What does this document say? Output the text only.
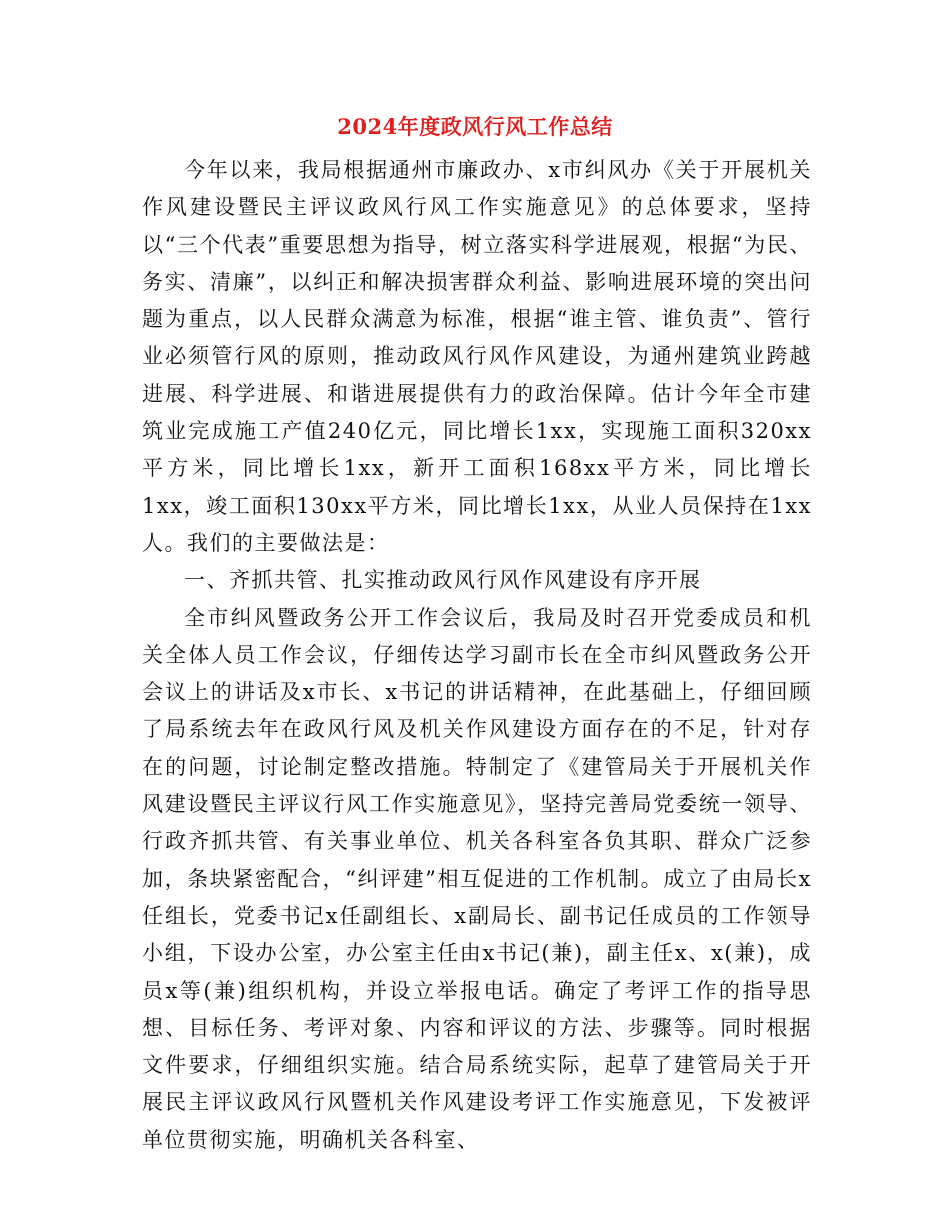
2024年度政风行风工作总结

今年以来，我局根据通州市廉政办、x市纠风办《关于开展机关作风建设暨民主评议政风行风工作实施意见》的总体要求，坚持以“三个代表”重要思想为指导，树立落实科学进展观，根据“为民、务实、清廉”，以纠正和解决损害群众利益、影响进展环境的突出问题为重点，以人民群众满意为标准，根据“谁主管、谁负责”、管行业必须管行风的原则，推动政风行风作风建设，为通州建筑业跨越进展、科学进展、和谐进展提供有力的政治保障。估计今年全市建筑业完成施工产值240亿元，同比增长1xx，实现施工面积320xx平方米，同比增长1xx，新开工面积168xx平方米，同比增长1xx，竣工面积130xx平方米，同比增长1xx，从业人员保持在1xx人。我们的主要做法是：

一、齐抓共管、扎实推动政风行风作风建设有序开展

全市纠风暨政务公开工作会议后，我局及时召开党委成员和机关全体人员工作会议，仔细传达学习副市长在全市纠风暨政务公开会议上的讲话及x市长、x书记的讲话精神，在此基础上，仔细回顾了局系统去年在政风行风及机关作风建设方面存在的不足，针对存在的问题，讨论制定整改措施。特制定了《建管局关于开展机关作风建设暨民主评议行风工作实施意见》，坚持完善局党委统一领导、行政齐抓共管、有关事业单位、机关各科室各负其职、群众广泛参加，条块紧密配合，“纠评建”相互促进的工作机制。成立了由局长x任组长，党委书记x任副组长、x副局长、副书记任成员的工作领导小组，下设办公室，办公室主任由x书记(兼)，副主任x、x(兼)，成员x等(兼)组织机构，并设立举报电话。确定了考评工作的指导思想、目标任务、考评对象、内容和评议的方法、步骤等。同时根据文件要求，仔细组织实施。结合局系统实际，起草了建管局关于开展民主评议政风行风暨机关作风建设考评工作实施意见，下发被评单位贯彻实施，明确机关各科室、
